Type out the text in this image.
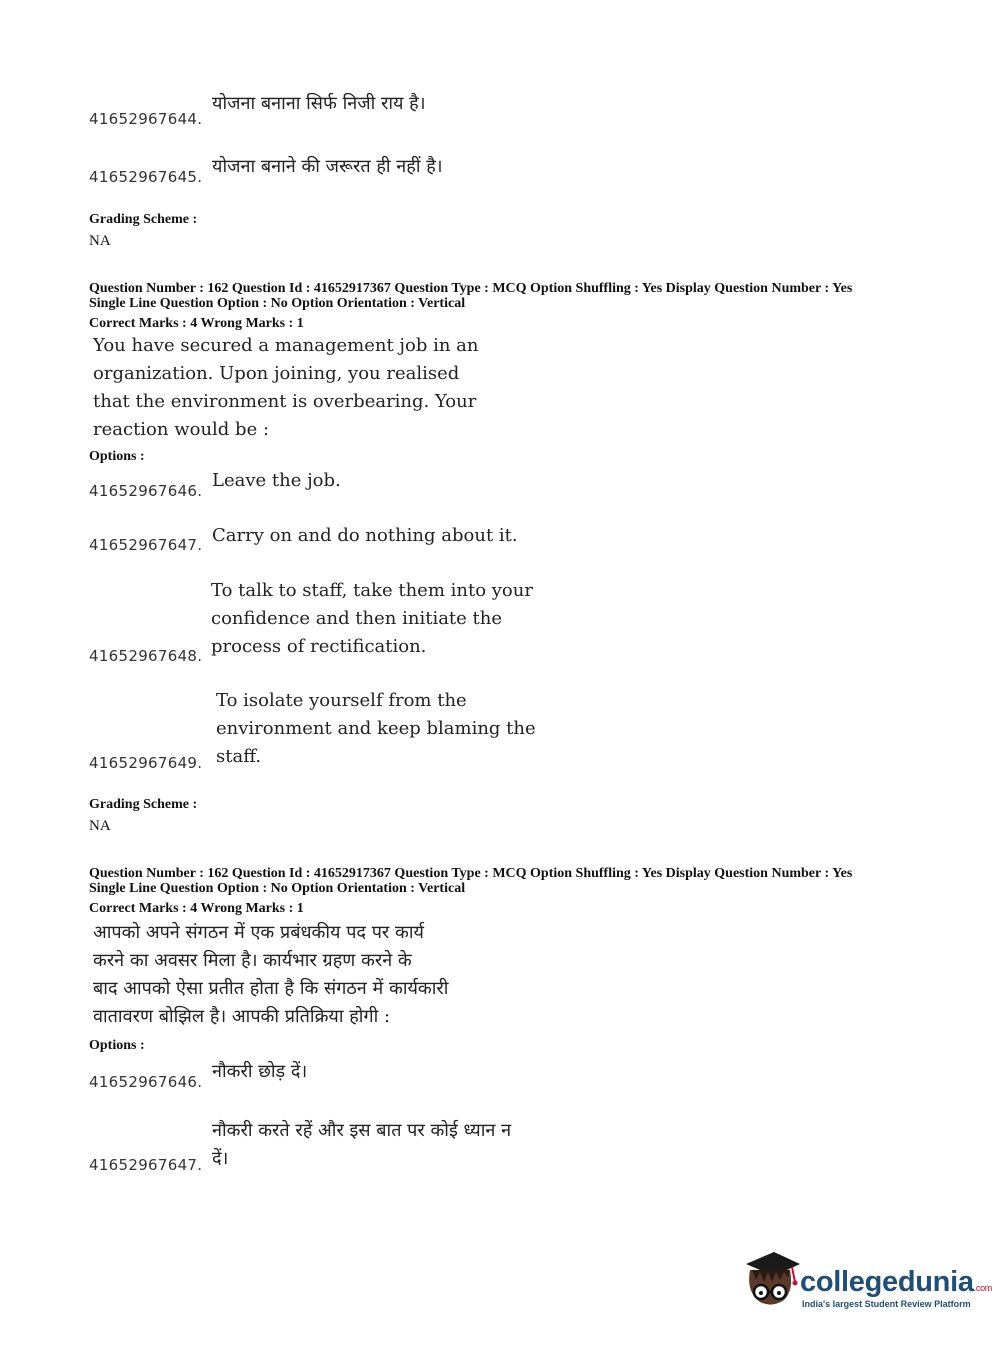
41652967644.
योजना बनाना सिर्फ निजी राय है।
41652967645. योजना बनाने की जरूरत ही नहीं है।
Grading Scheme :
NA
Question Number : 162 Question Id : 41652917367 Question Type : MCQ Option Shuffling : Yes Display Question Number : Yes
Single Line Question Option : No Option Orientation : Vertical
Correct Marks : 4 Wrong Marks : 1
You have secured a management job in an
organization. Upon joining, you realised
that the environment is overbearing. Your
reaction would be :
Options :
41652967646. Leave the job.
41652967647. Carry on and do nothing about it.
41652967648.
To talk to staff, take them into your
confidence and then initiate the
process of rectification.
41652967649.
To isolate yourself from the
environment and keep blaming the
staff.
Grading Scheme :
NA
Question Number : 162 Question Id : 41652917367 Question Type : MCQ Option Shuffling : Yes Display Question Number : Yes
Single Line Question Option : No Option Orientation : Vertical
Correct Marks : 4 Wrong Marks : 1
आपको अपने संगठन में एक प्रबंधकीय पद पर कार्य
करने का अवसर मिला है। कार्यभार ग्रहण करने के
बाद आपको ऐसा प्रतीत होता है कि संगठन में कार्यकारी
वातावरण बोझिल है। आपकी प्रतिक्रिया होगी :
Options :
41652967646. नौकरी छोड़ दें।
41652967647.
नौकरी करते रहें और इस बात पर कोई ध्यान न
दें।
collegedunia.com
India's largest Student Review Platform
